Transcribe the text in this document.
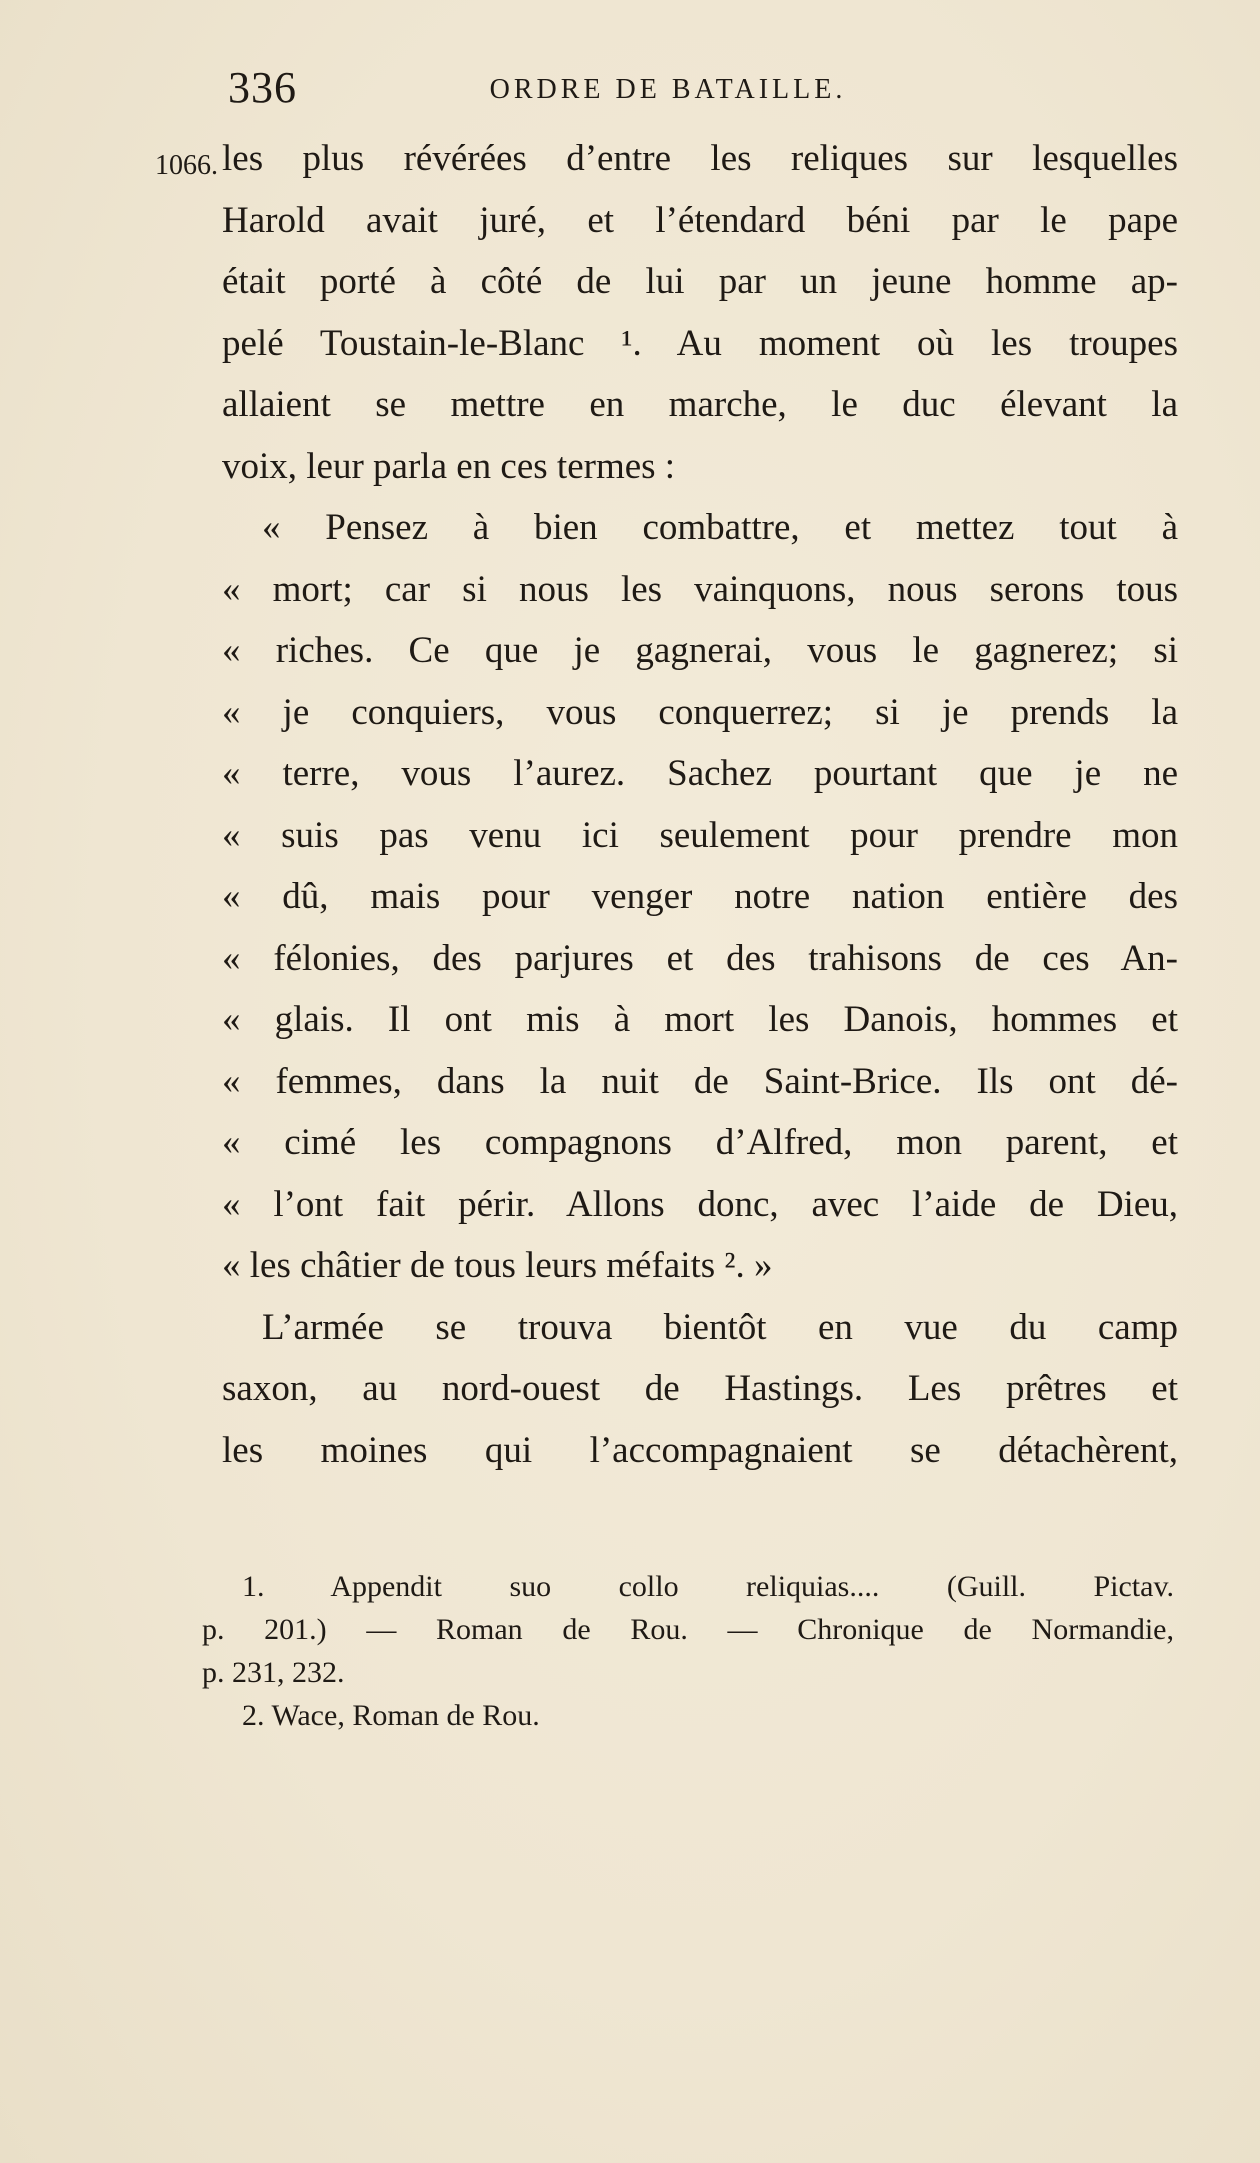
336	ORDRE DE BATAILLE.
1066. les plus révérées d’entre les reliques sur lesquelles
Harold avait juré, et l’étendard béni par le pape
était porté à côté de lui par un jeune homme ap-
pelé Toustain-le-Blanc ¹. Au moment où les troupes
allaient se mettre en marche, le duc élevant la
voix, leur parla en ces termes :
« Pensez à bien combattre, et mettez tout à
« mort; car si nous les vainquons, nous serons tous
« riches. Ce que je gagnerai, vous le gagnerez; si
« je conquiers, vous conquerrez; si je prends la
« terre, vous l’aurez. Sachez pourtant que je ne
« suis pas venu ici seulement pour prendre mon
« dû, mais pour venger notre nation entière des
« félonies, des parjures et des trahisons de ces An-
« glais. Il ont mis à mort les Danois, hommes et
« femmes, dans la nuit de Saint-Brice. Ils ont dé-
« cimé les compagnons d’Alfred, mon parent, et
« l’ont fait périr. Allons donc, avec l’aide de Dieu,
« les châtier de tous leurs méfaits ². »
L’armée se trouva bientôt en vue du camp
saxon, au nord-ouest de Hastings. Les prêtres et
les moines qui l’accompagnaient se détachèrent,
1. Appendit suo collo reliquias.... (Guill. Pictav.
p. 201.) — Roman de Rou. — Chronique de Normandie,
p. 231, 232.
2. Wace, Roman de Rou.
